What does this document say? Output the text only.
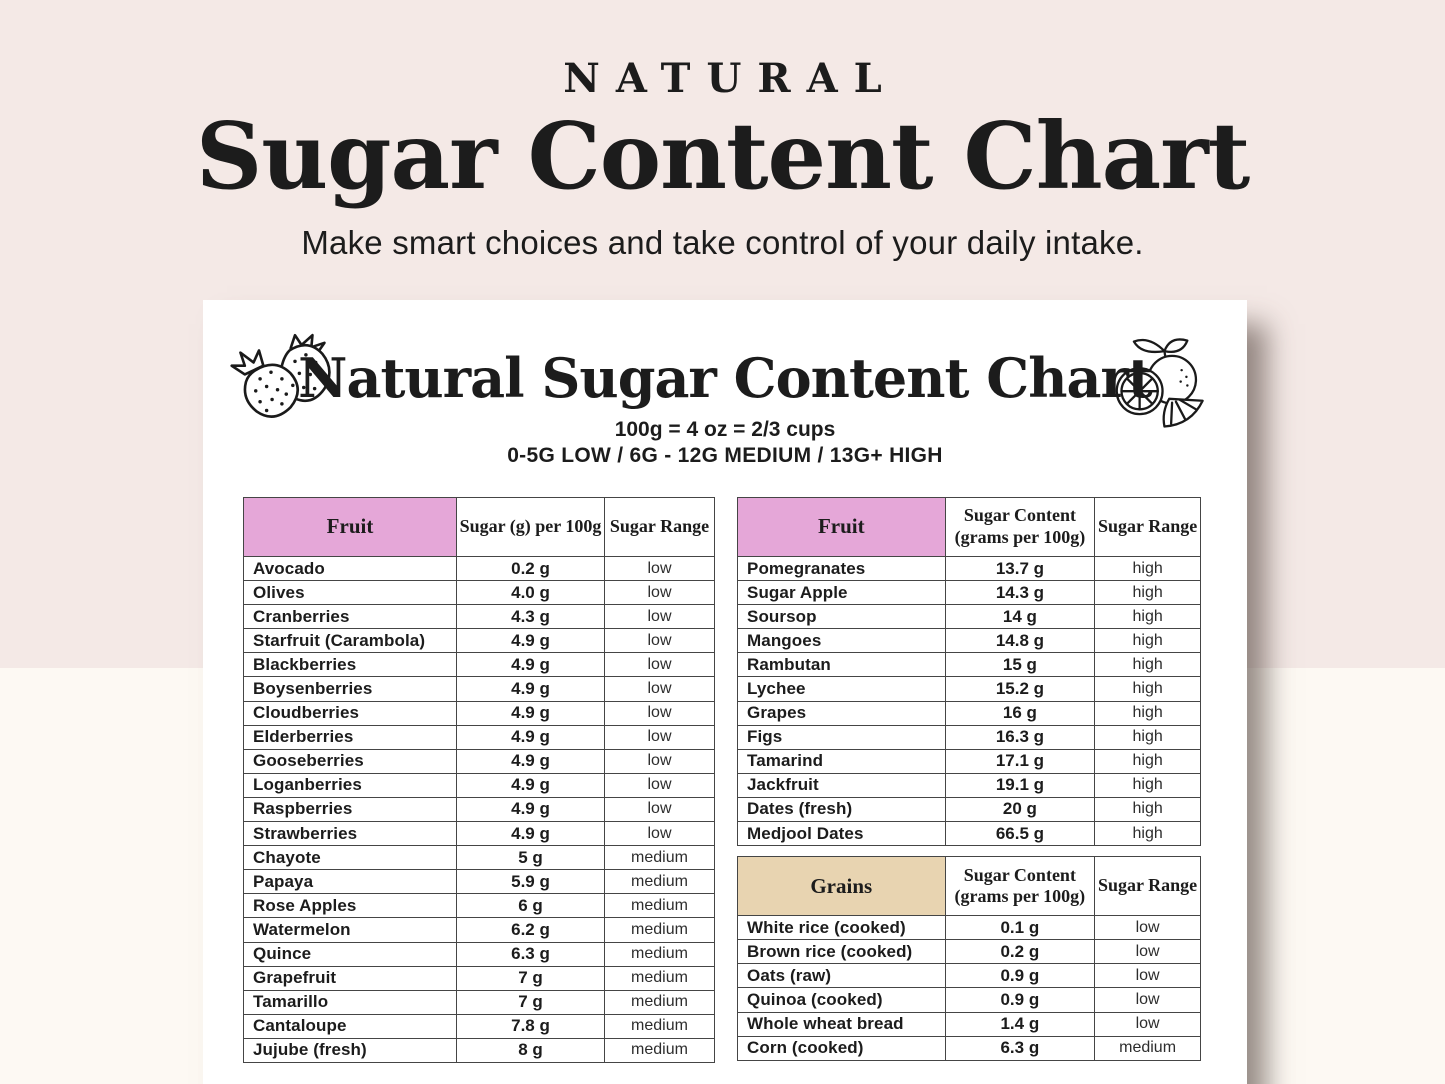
NATURAL
Sugar Content Chart
Make smart choices and take control of your daily intake.
Natural Sugar Content Chart
100g = 4 oz = 2/3 cups
0-5G LOW / 6G - 12G MEDIUM / 13G+ HIGH
Fruit	Sugar (g) per 100g	Sugar Range
Avocado	0.2 g	low
Olives	4.0 g	low
Cranberries	4.3 g	low
Starfruit (Carambola)	4.9 g	low
Blackberries	4.9 g	low
Boysenberries	4.9 g	low
Cloudberries	4.9 g	low
Elderberries	4.9 g	low
Gooseberries	4.9 g	low
Loganberries	4.9 g	low
Raspberries	4.9 g	low
Strawberries	4.9 g	low
Chayote	5 g	medium
Papaya	5.9 g	medium
Rose Apples	6 g	medium
Watermelon	6.2 g	medium
Quince	6.3 g	medium
Grapefruit	7 g	medium
Tamarillo	7 g	medium
Cantaloupe	7.8 g	medium
Jujube (fresh)	8 g	medium
Fruit	Sugar Content (grams per 100g)	Sugar Range
Pomegranates	13.7 g	high
Sugar Apple	14.3 g	high
Soursop	14 g	high
Mangoes	14.8 g	high
Rambutan	15 g	high
Lychee	15.2 g	high
Grapes	16 g	high
Figs	16.3 g	high
Tamarind	17.1 g	high
Jackfruit	19.1 g	high
Dates (fresh)	20 g	high
Medjool Dates	66.5 g	high
Grains	Sugar Content (grams per 100g)	Sugar Range
White rice (cooked)	0.1 g	low
Brown rice (cooked)	0.2 g	low
Oats (raw)	0.9 g	low
Quinoa (cooked)	0.9 g	low
Whole wheat bread	1.4 g	low
Corn (cooked)	6.3 g	medium
